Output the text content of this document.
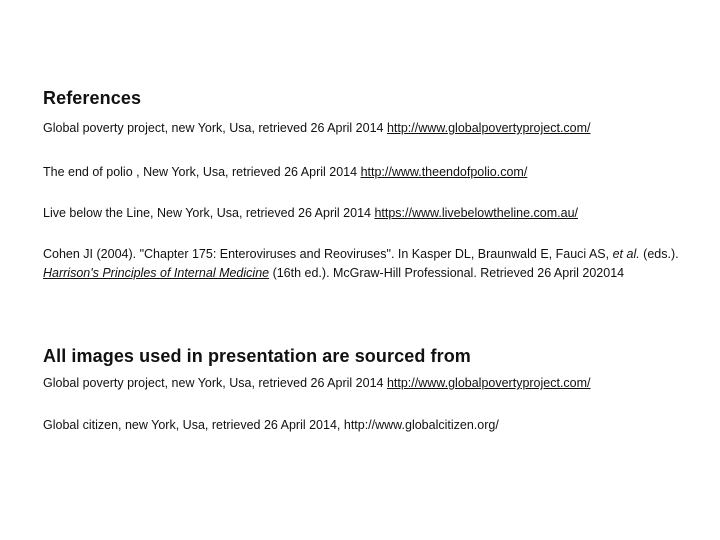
References
Global poverty project, new York, Usa, retrieved 26 April 2014 http://www.globalpovertyproject.com/
The end of polio , New York, Usa, retrieved 26 April 2014 http://www.theendofpolio.com/
Live below the Line, New York, Usa, retrieved 26 April 2014 https://www.livebelowtheline.com.au/
Cohen JI (2004). "Chapter 175: Enteroviruses and Reoviruses". In Kasper DL, Braunwald E, Fauci AS, et al. (eds.). Harrison's Principles of Internal Medicine (16th ed.). McGraw-Hill Professional. Retrieved 26 April 202014
All images used in presentation are sourced from
Global poverty project, new York, Usa, retrieved 26 April 2014 http://www.globalpovertyproject.com/
Global citizen, new York, Usa, retrieved 26 April 2014, http://www.globalcitizen.org/
